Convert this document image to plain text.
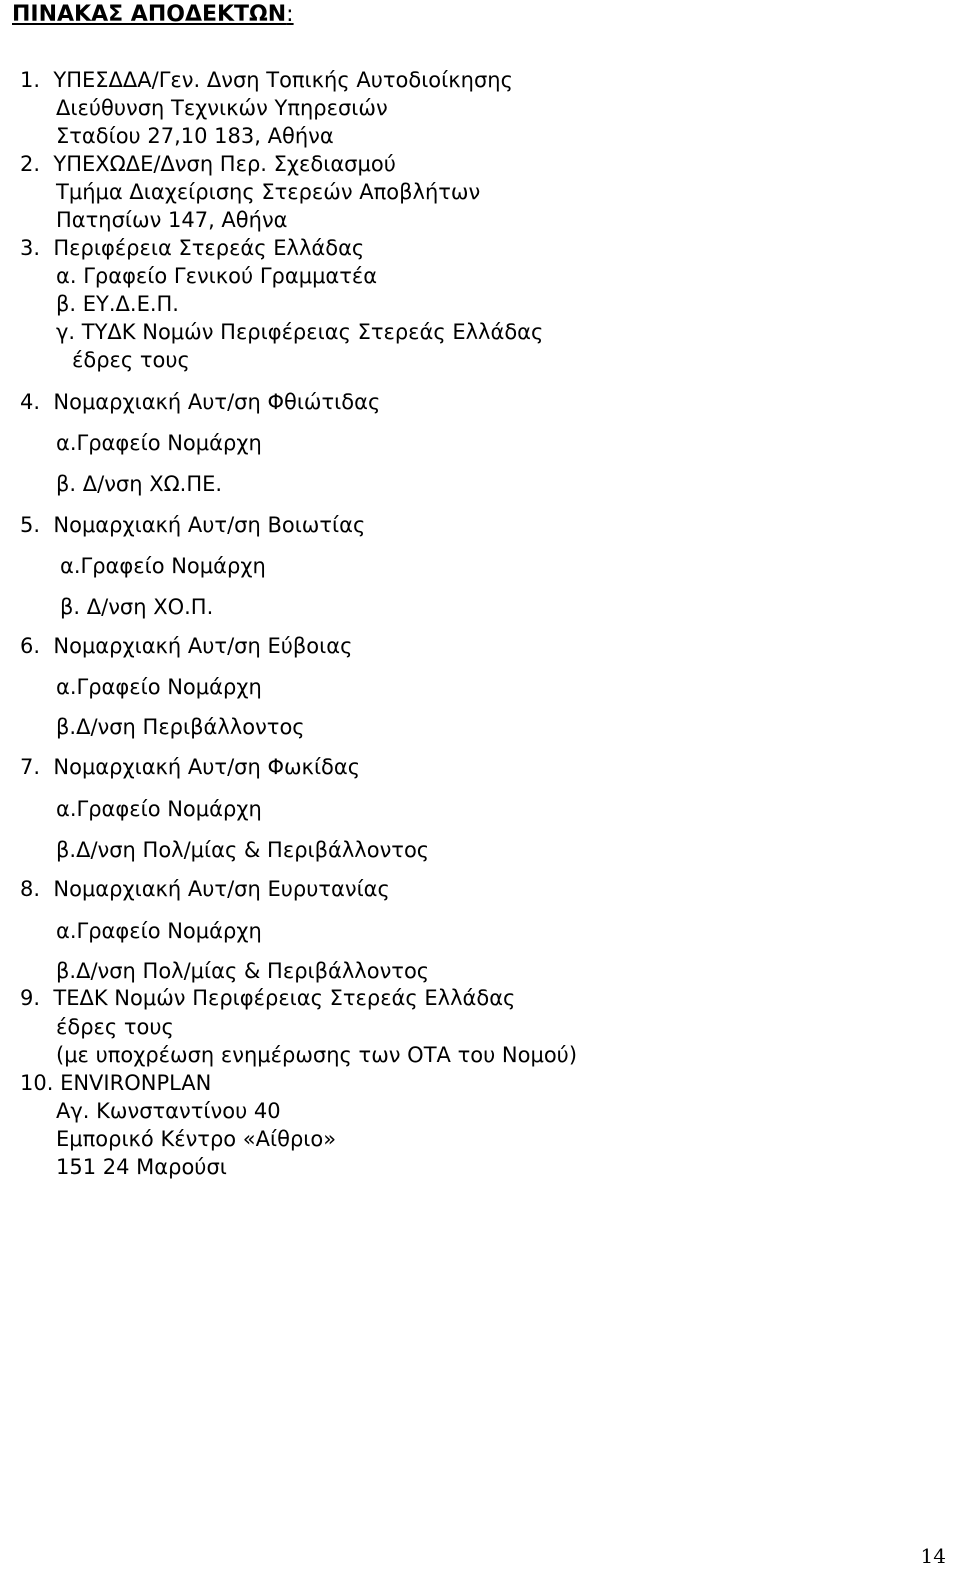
ΠΙΝΑΚΑΣ ΑΠΟΔΕΚΤΩΝ:
1.  ΥΠΕΣΔΔΑ/Γεν. Δνση Τοπικής Αυτοδιοίκησης
Διεύθυνση Τεχνικών Υπηρεσιών
Σταδίου 27,10 183, Αθήνα
2.  ΥΠΕΧΩΔΕ/Δνση Περ. Σχεδιασμού
Τμήμα Διαχείρισης Στερεών Αποβλήτων
Πατησίων 147, Αθήνα
3.  Περιφέρεια Στερεάς Ελλάδας
α. Γραφείο Γενικού Γραμματέα
β. ΕΥ.Δ.Ε.Π.
γ. ΤΥΔΚ Νομών Περιφέρειας Στερεάς Ελλάδας
έδρες τους
4.  Νομαρχιακή Αυτ/ση Φθιώτιδας
α.Γραφείο Νομάρχη
β. Δ/νση ΧΩ.ΠΕ.
5.  Νομαρχιακή Αυτ/ση Βοιωτίας
α.Γραφείο Νομάρχη
β. Δ/νση ΧΟ.Π.
6.  Νομαρχιακή Αυτ/ση Εύβοιας
α.Γραφείο Νομάρχη
β.Δ/νση Περιβάλλοντος
7.  Νομαρχιακή Αυτ/ση Φωκίδας
α.Γραφείο Νομάρχη
β.Δ/νση Πολ/μίας & Περιβάλλοντος
8.  Νομαρχιακή Αυτ/ση Ευρυτανίας
α.Γραφείο Νομάρχη
β.Δ/νση Πολ/μίας & Περιβάλλοντος
9.  ΤΕΔΚ Νομών Περιφέρειας Στερεάς Ελλάδας
έδρες τους
(με υποχρέωση ενημέρωσης των ΟΤΑ του Νομού)
10. ENVIRONPLAN
Αγ. Κωνσταντίνου 40
Εμπορικό Κέντρο «Αίθριο»
151 24 Μαρούσι
14
